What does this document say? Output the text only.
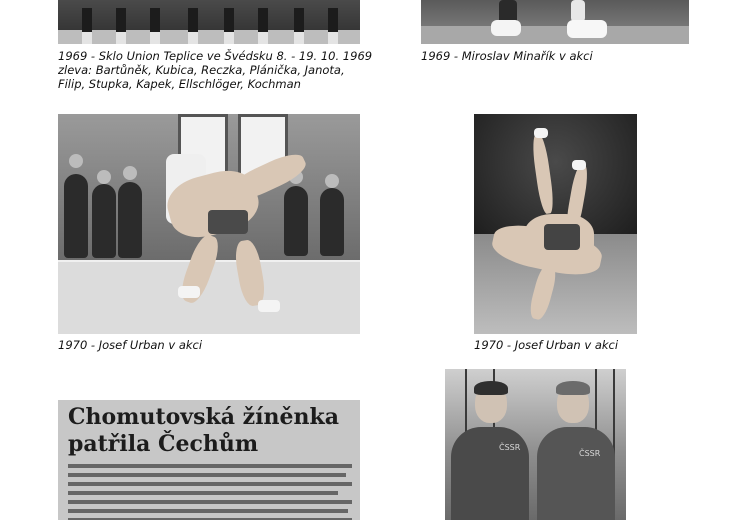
1969 - Sklo Union Teplice ve Švédsku 8. - 19. 10. 1969
zleva: Bartůněk, Kubica, Reczka, Plánička, Janota,
Filip, Stupka, Kapek, Ellschlöger, Kochman
1969 - Miroslav Minařík v akci
1970 - Josef Urban v akci	1970 - Josef Urban v akci
Chomutovská žíněnka
patřila Čechům	ČSSR
ČSSR
